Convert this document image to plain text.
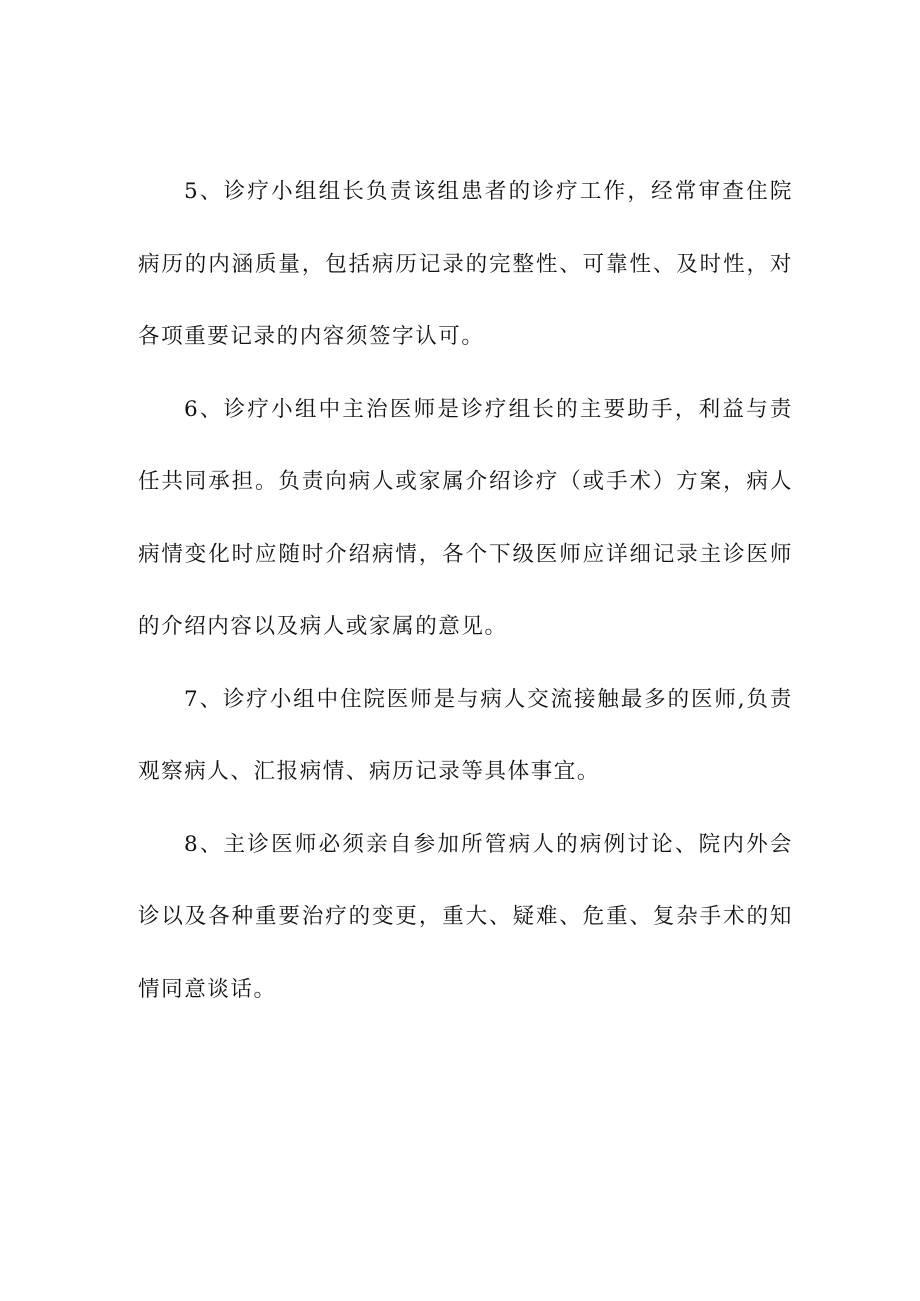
5、诊疗小组组长负责该组患者的诊疗工作，经常审查住院病历的内涵质量，包括病历记录的完整性、可靠性、及时性，对各项重要记录的内容须签字认可。

6、诊疗小组中主治医师是诊疗组长的主要助手，利益与责任共同承担。负责向病人或家属介绍诊疗（或手术）方案，病人病情变化时应随时介绍病情，各个下级医师应详细记录主诊医师的介绍内容以及病人或家属的意见。

7、诊疗小组中住院医师是与病人交流接触最多的医师,负责观察病人、汇报病情、病历记录等具体事宜。

8、主诊医师必须亲自参加所管病人的病例讨论、院内外会诊以及各种重要治疗的变更，重大、疑难、危重、复杂手术的知情同意谈话。
